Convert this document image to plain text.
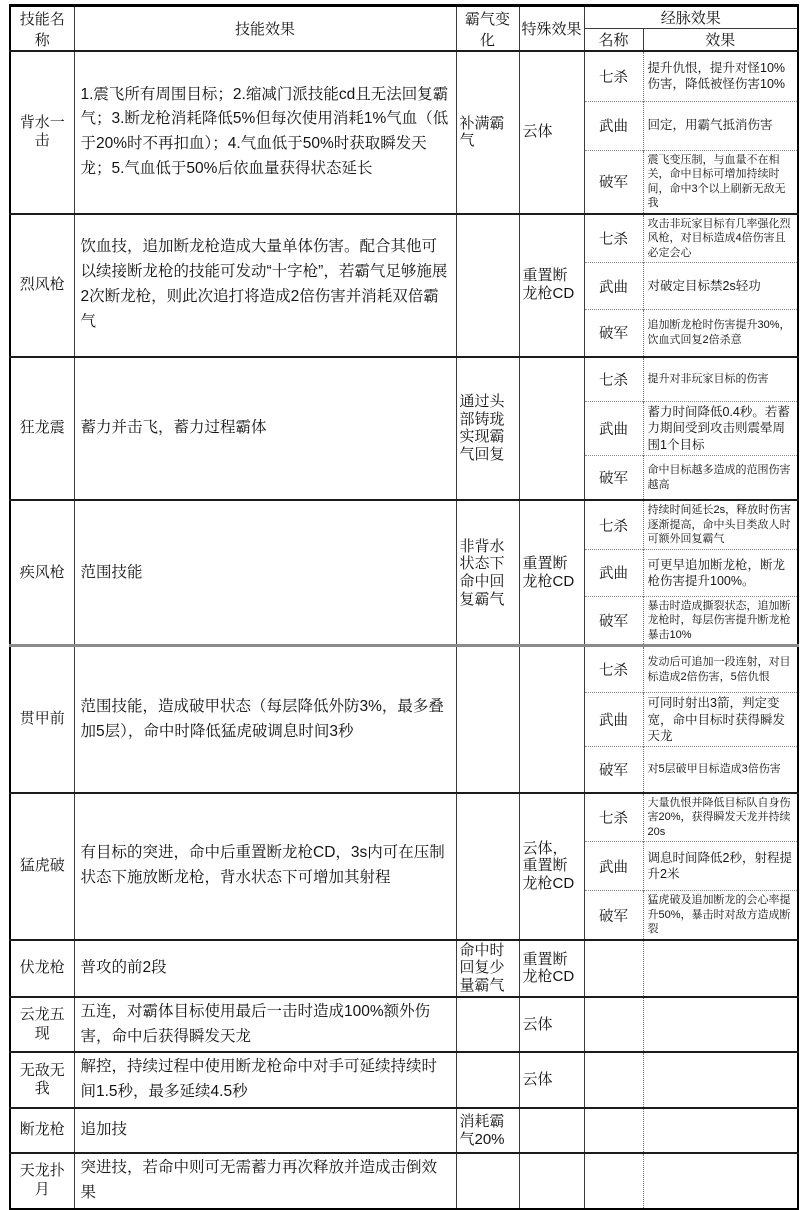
技能名称	技能效果	霸气变化	特殊效果	经脉效果	
				名称	效果
背水一击	1.震飞所有周围目标；2.缩减门派技能cd且无法回复霸气；3.断龙枪消耗降低5%但每次使用消耗1%气血（低于20%时不再扣血）；4.气血低于50%时获取瞬发天龙；5.气血低于50%后依血量获得状态延长	补满霸气	云体	七杀	提升仇恨，提升对怪10%伤害，降低被怪伤害10%
				武曲	回定，用霸气抵消伤害
				破军	震飞变压制，与血量不在相关，命中目标可增加持续时间，命中3个以上刷新无敌无我
烈风枪	饮血技，追加断龙枪造成大量单体伤害。配合其他可以续接断龙枪的技能可发动“十字枪”，若霸气足够施展2次断龙枪，则此次追打将造成2倍伤害并消耗双倍霸气		重置断龙枪CD	七杀	攻击非玩家目标有几率强化烈风枪，对目标造成4倍伤害且必定会心
				武曲	对破定目标禁2s轻功
				破军	追加断龙枪时伤害提升30%，饮血式回复2倍杀意
狂龙震	蓄力并击飞，蓄力过程霸体	通过头部铸珑实现霸气回复		七杀	提升对非玩家目标的伤害
				武曲	蓄力时间降低0.4秒。若蓄力期间受到攻击则震晕周围1个目标
				破军	命中目标越多造成的范围伤害越高
疾风枪	范围技能	非背水状态下命中回复霸气	重置断龙枪CD	七杀	持续时间延长2s，释放时伤害逐渐提高，命中头目类敌人时可额外回复霸气
				武曲	可更早追加断龙枪，断龙枪伤害提升100%。
				破军	暴击时造成撕裂状态，追加断龙枪时，每层伤害提升断龙枪暴击10%
贯甲前	范围技能，造成破甲状态（每层降低外防3%，最多叠加5层），命中时降低猛虎破调息时间3秒			七杀	发动后可追加一段连射，对目标造成2倍伤害，5倍仇恨
				武曲	可同时射出3箭，判定变宽，命中目标时获得瞬发天龙
				破军	对5层破甲目标造成3倍伤害
猛虎破	有目标的突进，命中后重置断龙枪CD，3s内可在压制状态下施放断龙枪，背水状态下可增加其射程		云体，重置断龙枪CD	七杀	大量仇恨并降低目标队自身伤害20%，获得瞬发天龙并持续20s
				武曲	调息时间降低2秒，射程提升2米
				破军	猛虎破及追加断龙的会心率提升50%，暴击时对敌方造成断裂
伏龙枪	普攻的前2段	命中时回复少量霸气	重置断龙枪CD		
云龙五现	五连，对霸体目标使用最后一击时造成100%额外伤害，命中后获得瞬发天龙		云体		
无敌无我	解控，持续过程中使用断龙枪命中对手可延续持续时间1.5秒，最多延续4.5秒		云体		
断龙枪	追加技	消耗霸气20%			
天龙扑月	突进技，若命中则可无需蓄力再次释放并造成击倒效果				
